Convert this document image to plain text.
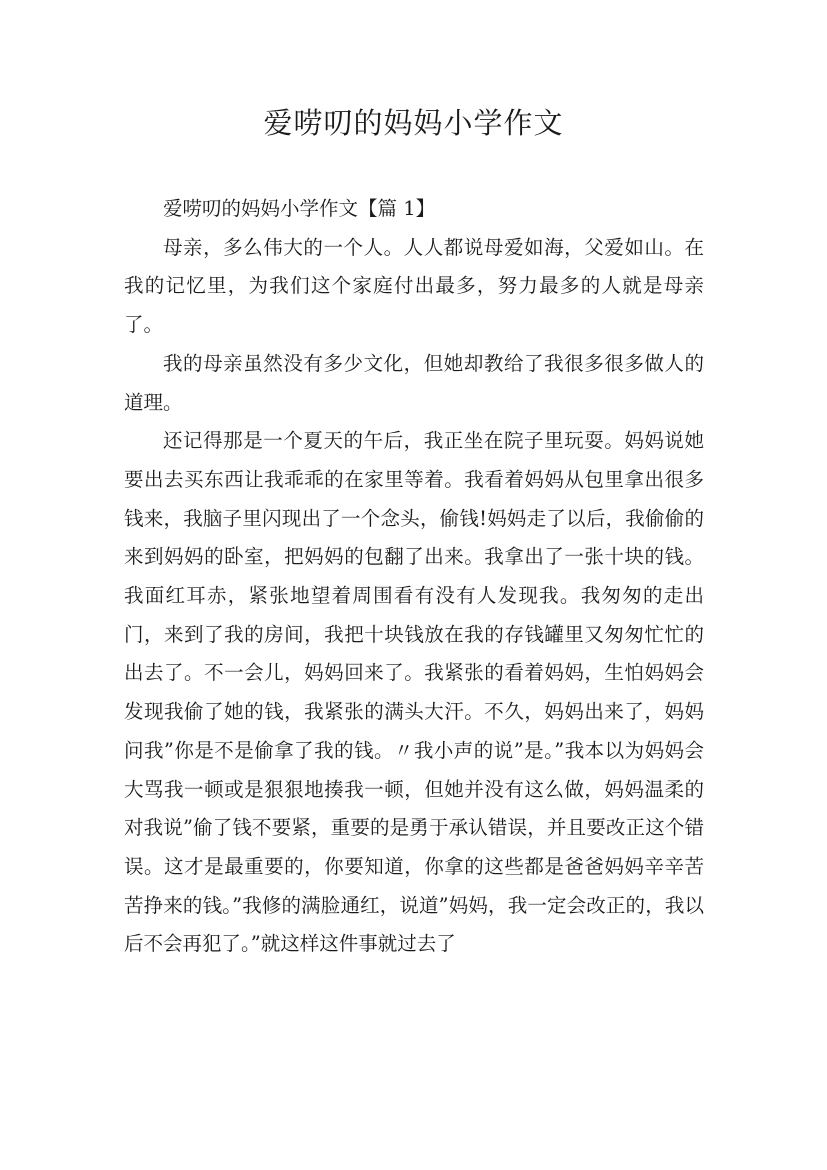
爱唠叨的妈妈小学作文

爱唠叨的妈妈小学作文【篇 1】

母亲，多么伟大的一个人。人人都说母爱如海，父爱如山。在我的记忆里，为我们这个家庭付出最多，努力最多的人就是母亲了。

我的母亲虽然没有多少文化，但她却教给了我很多很多做人的道理。

还记得那是一个夏天的午后，我正坐在院子里玩耍。妈妈说她要出去买东西让我乖乖的在家里等着。我看着妈妈从包里拿出很多钱来，我脑子里闪现出了一个念头，偷钱!妈妈走了以后，我偷偷的来到妈妈的卧室，把妈妈的包翻了出来。我拿出了一张十块的钱。我面红耳赤，紧张地望着周围看有没有人发现我。我匆匆的走出门，来到了我的房间，我把十块钱放在我的存钱罐里又匆匆忙忙的出去了。不一会儿，妈妈回来了。我紧张的看着妈妈，生怕妈妈会发现我偷了她的钱，我紧张的满头大汗。不久，妈妈出来了，妈妈问我”你是不是偷拿了我的钱。〃我小声的说”是。”我本以为妈妈会大骂我一顿或是狠狠地揍我一顿，但她并没有这么做，妈妈温柔的对我说”偷了钱不要紧，重要的是勇于承认错误，并且要改正这个错误。这才是最重要的，你要知道，你拿的这些都是爸爸妈妈辛辛苦苦挣来的钱。”我修的满脸通红，说道”妈妈，我一定会改正的，我以后不会再犯了。”就这样这件事就过去了
